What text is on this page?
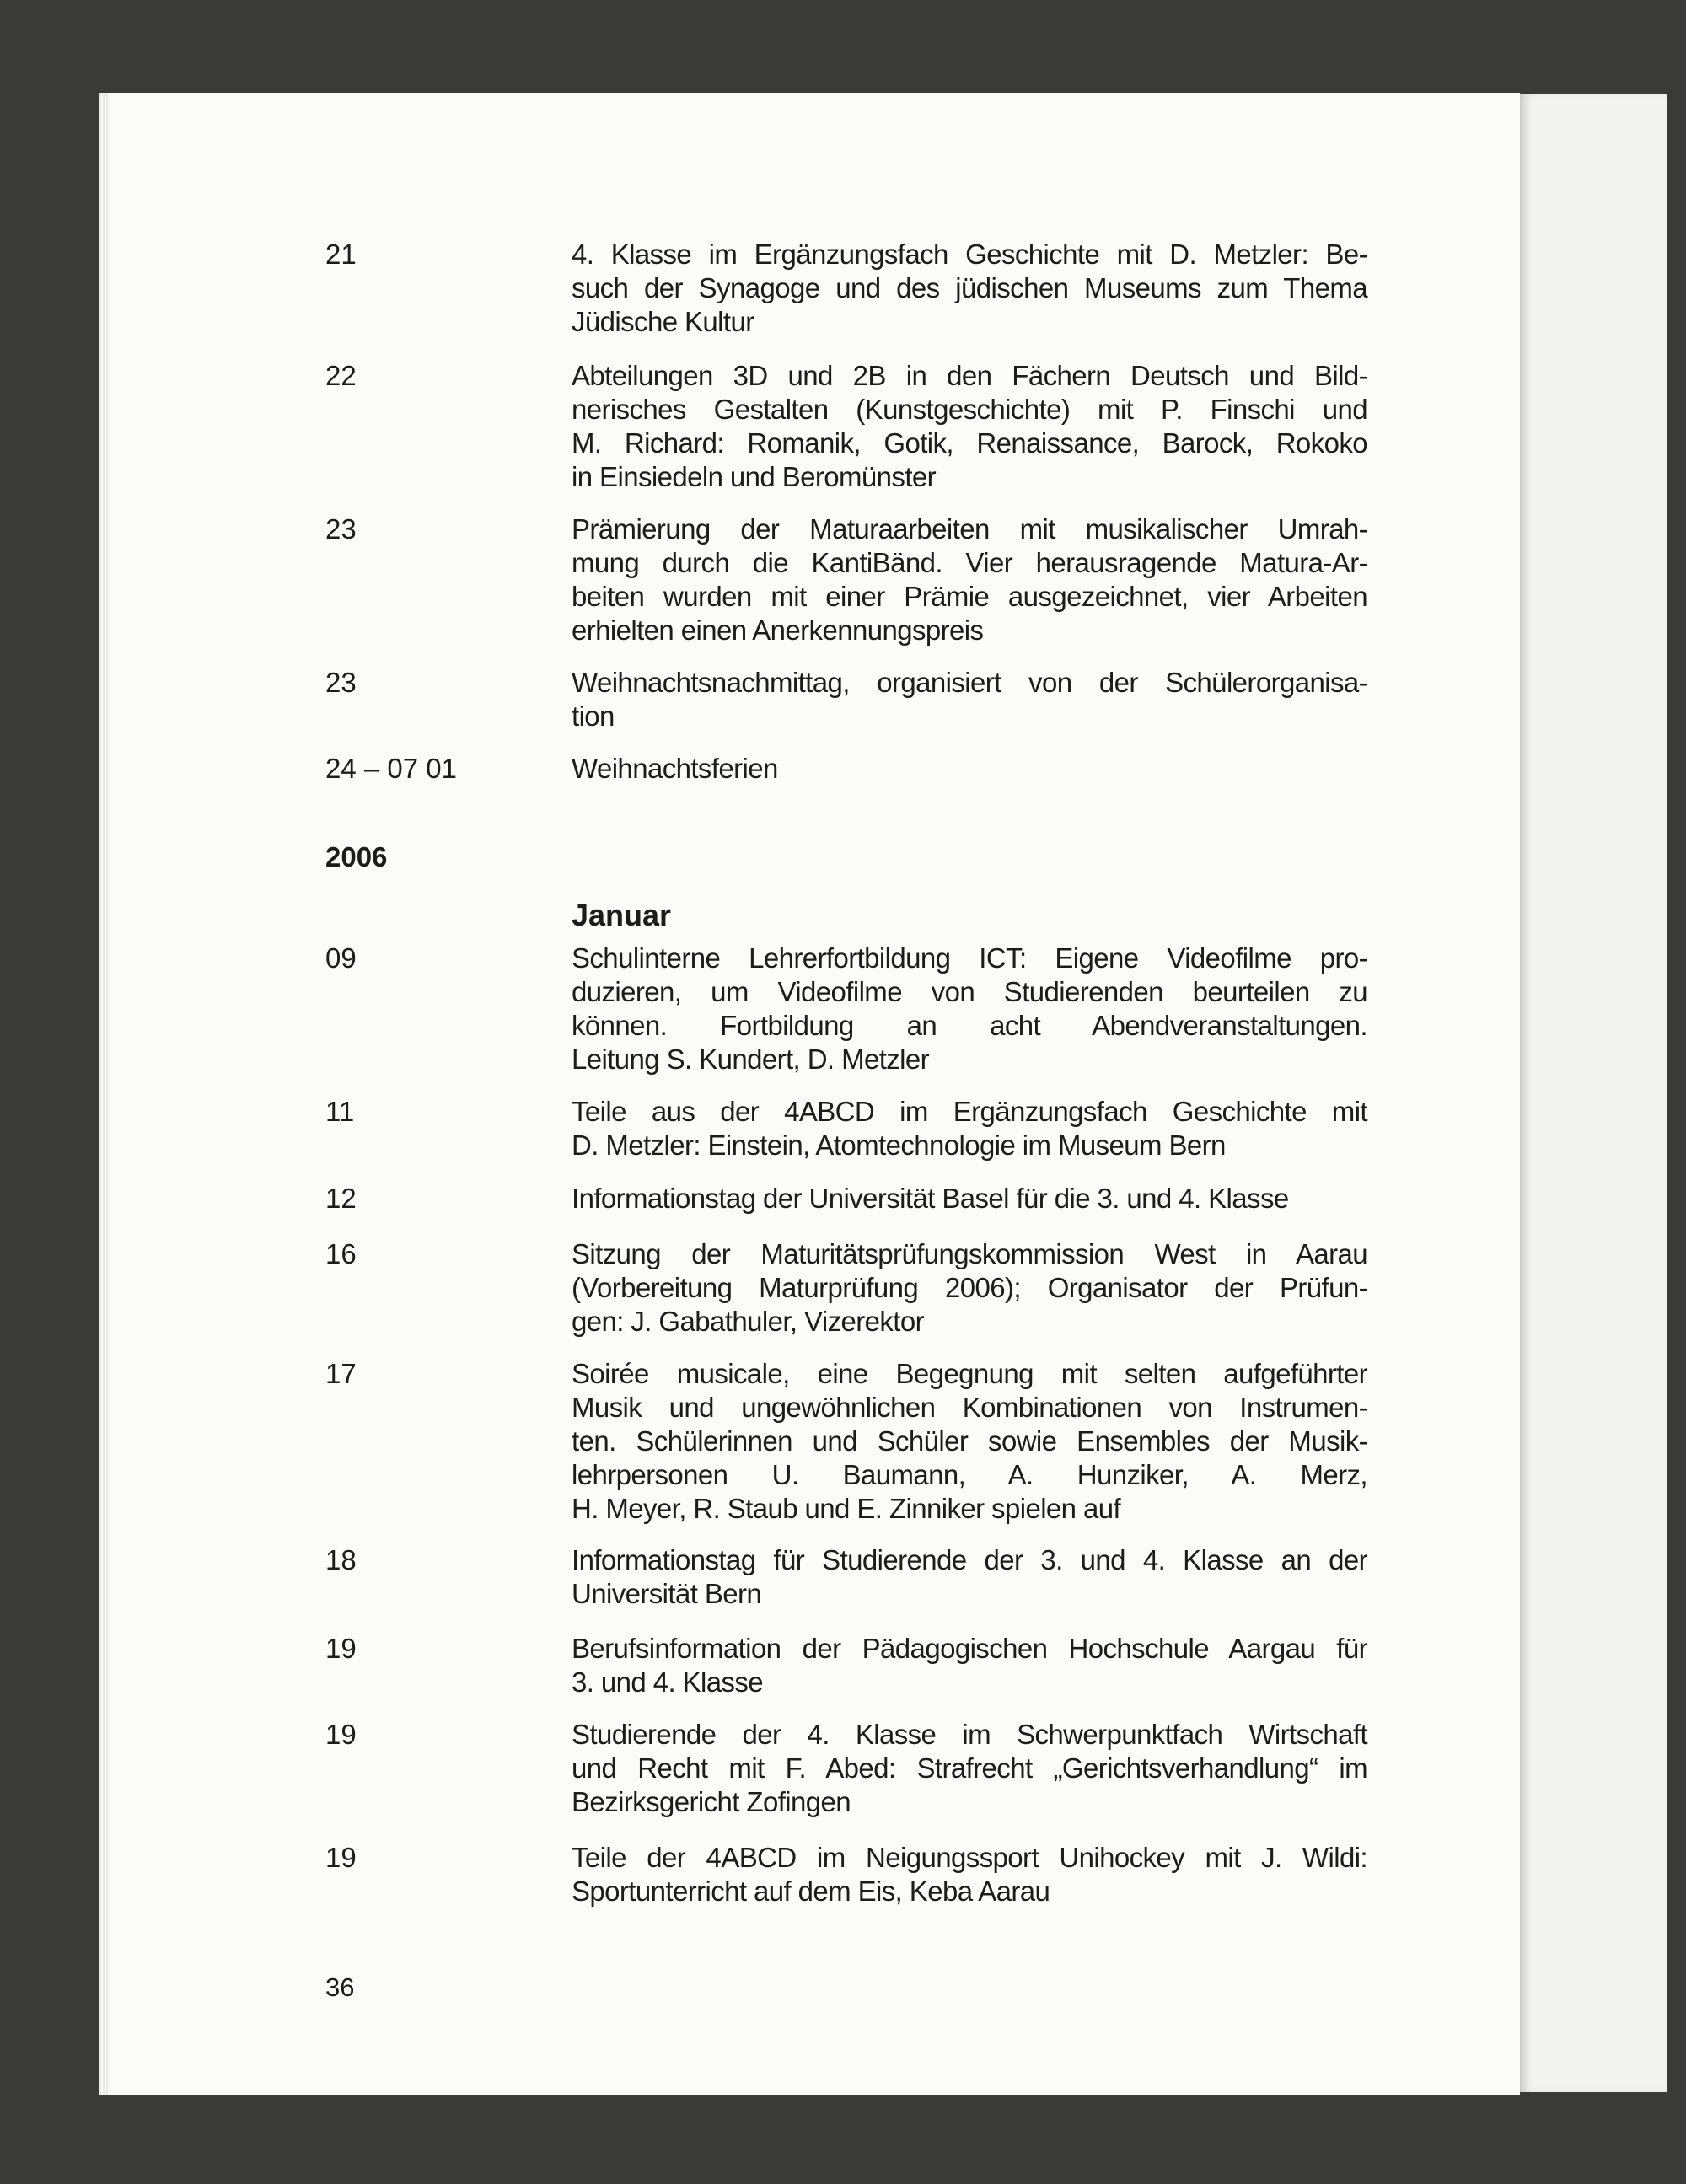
2006
Januar
36
21	4. Klasse im Ergänzungsfach Geschichte mit D. Metzler: Be-
such der Synagoge und des jüdischen Museums zum Thema
Jüdische Kultur
22	Abteilungen 3D und 2B in den Fächern Deutsch und Bild-
nerisches Gestalten (Kunstgeschichte) mit P. Finschi und
M. Richard: Romanik, Gotik, Renaissance, Barock, Rokoko
in Einsiedeln und Beromünster
23	Prämierung der Maturaarbeiten mit musikalischer Umrah-
mung durch die KantiBänd. Vier herausragende Matura-Ar-
beiten wurden mit einer Prämie ausgezeichnet, vier Arbeiten
erhielten einen Anerkennungspreis
23	Weihnachtsnachmittag, organisiert von der Schülerorganisa-
tion
24 – 07 01	Weihnachtsferien
09	Schulinterne Lehrerfortbildung ICT: Eigene Videofilme pro-
duzieren, um Videofilme von Studierenden beurteilen zu
können. Fortbildung an acht Abendveranstaltungen.
Leitung S. Kundert, D. Metzler
11	Teile aus der 4ABCD im Ergänzungsfach Geschichte mit
D. Metzler: Einstein, Atomtechnologie im Museum Bern
12	Informationstag der Universität Basel für die 3. und 4. Klasse
16	Sitzung der Maturitätsprüfungskommission West in Aarau
(Vorbereitung Maturprüfung 2006); Organisator der Prüfun-
gen: J. Gabathuler, Vizerektor
17	Soirée musicale, eine Begegnung mit selten aufgeführter
Musik und ungewöhnlichen Kombinationen von Instrumen-
ten. Schülerinnen und Schüler sowie Ensembles der Musik-
lehrpersonen U. Baumann, A. Hunziker, A. Merz,
H. Meyer, R. Staub und E. Zinniker spielen auf
18	Informationstag für Studierende der 3. und 4. Klasse an der
Universität Bern
19	Berufsinformation der Pädagogischen Hochschule Aargau für
3. und 4. Klasse
19	Studierende der 4. Klasse im Schwerpunktfach Wirtschaft
und Recht mit F. Abed: Strafrecht „Gerichtsverhandlung“ im
Bezirksgericht Zofingen
19	Teile der 4ABCD im Neigungssport Unihockey mit J. Wildi:
Sportunterricht auf dem Eis, Keba Aarau
